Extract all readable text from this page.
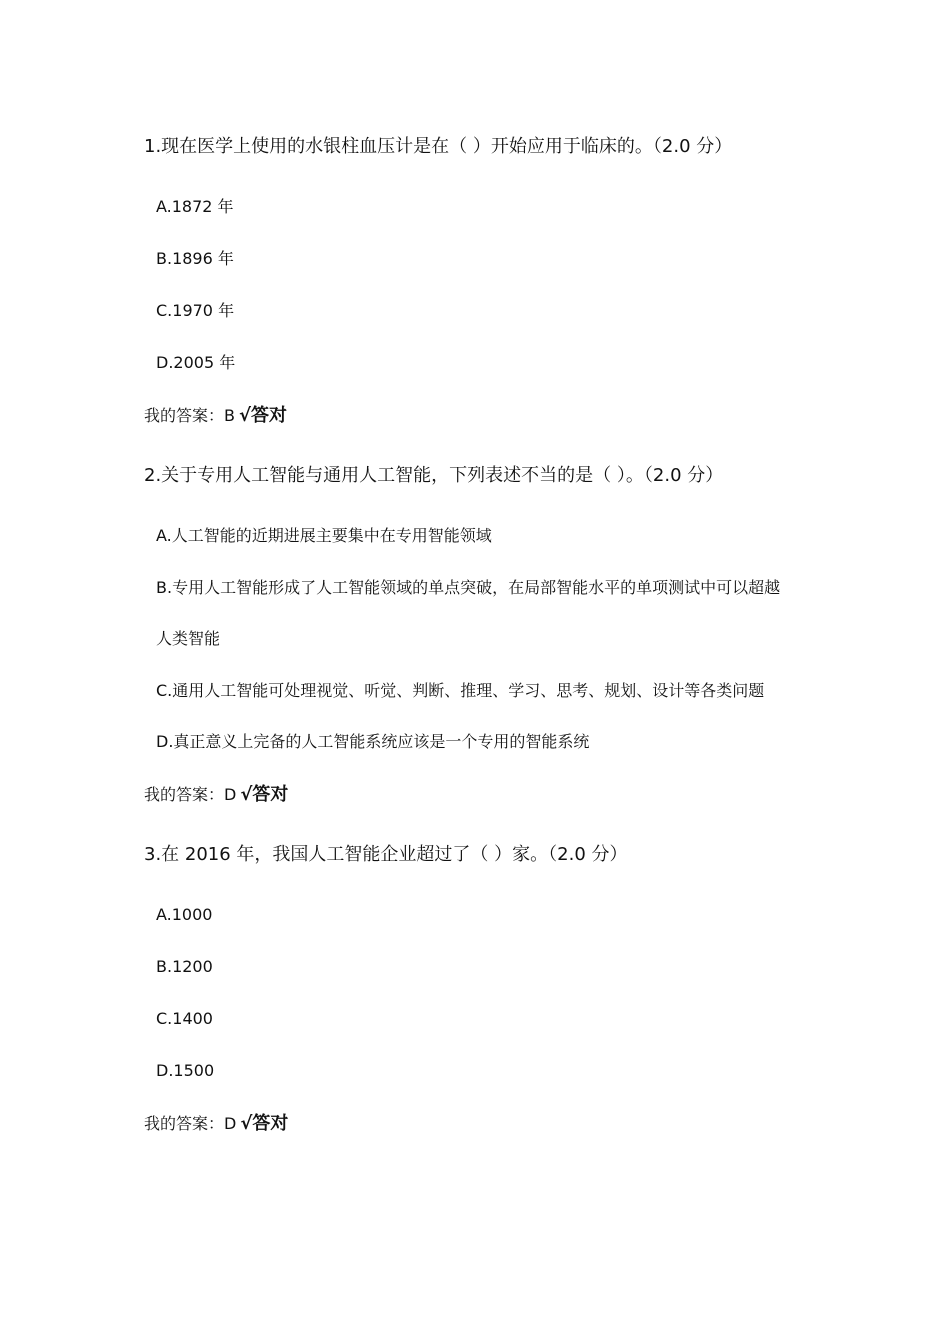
1.现在医学上使用的水银柱血压计是在（ ）开始应用于临床的。（2.0 分）
A.1872 年
B.1896 年
C.1970 年
D.2005 年
我的答案：B √答对
2.关于专用人工智能与通用人工智能，下列表述不当的是（ ）。（2.0 分）
A.人工智能的近期进展主要集中在专用智能领域
B.专用人工智能形成了人工智能领域的单点突破，在局部智能水平的单项测试中可以超越
人类智能
C.通用人工智能可处理视觉、听觉、判断、推理、学习、思考、规划、设计等各类问题
D.真正意义上完备的人工智能系统应该是一个专用的智能系统
我的答案：D √答对
3.在 2016 年，我国人工智能企业超过了（ ）家。（2.0 分）
A.1000
B.1200
C.1400
D.1500
我的答案：D √答对
